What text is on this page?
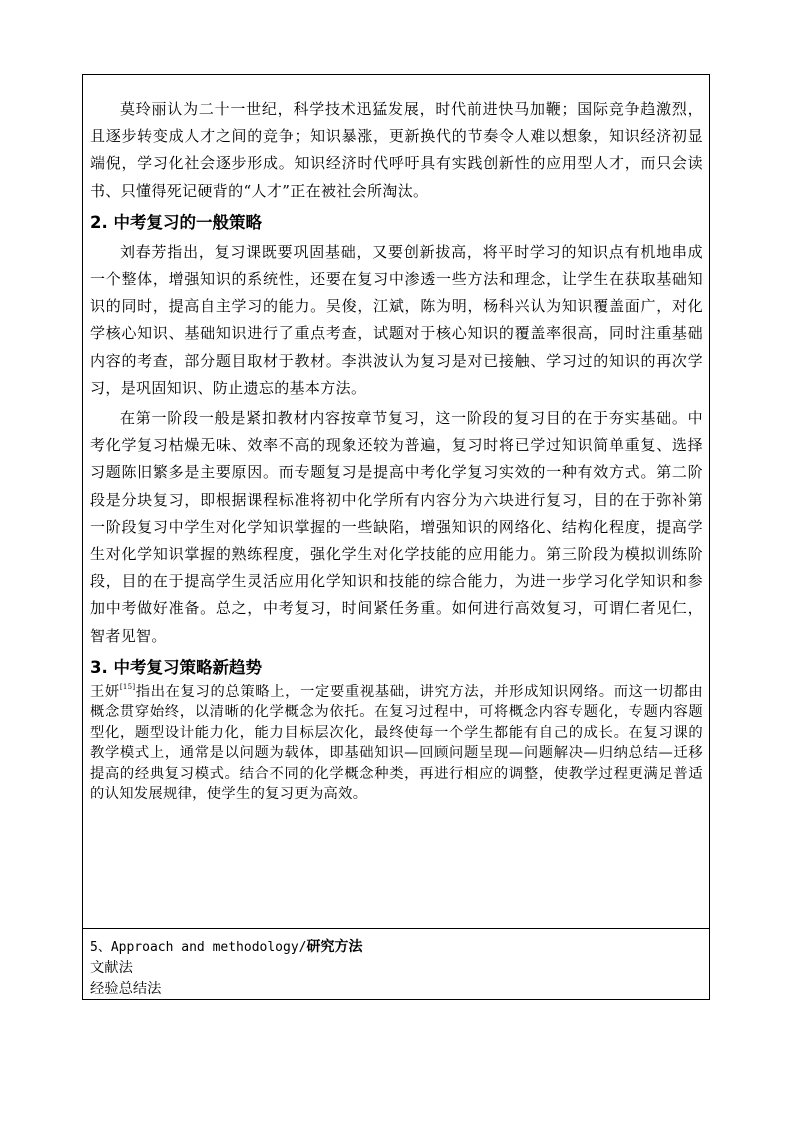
莫玲丽认为二十一世纪，科学技术迅猛发展，时代前进快马加鞭；国际竞争趋激烈，且逐步转变成人才之间的竞争；知识暴涨，更新换代的节奏令人难以想象，知识经济初显端倪，学习化社会逐步形成。知识经济时代呼吁具有实践创新性的应用型人才，而只会读书、只懂得死记硬背的“人才”正在被社会所淘汰。

2. 中考复习的一般策略

刘春芳指出，复习课既要巩固基础，又要创新拔高，将平时学习的知识点有机地串成一个整体，增强知识的系统性，还要在复习中渗透一些方法和理念，让学生在获取基础知识的同时，提高自主学习的能力。吴俊，江斌，陈为明，杨科兴认为知识覆盖面广，对化学核心知识、基础知识进行了重点考查，试题对于核心知识的覆盖率很高，同时注重基础内容的考查，部分题目取材于教材。李洪波认为复习是对已接触、学习过的知识的再次学习，是巩固知识、防止遗忘的基本方法。

在第一阶段一般是紧扣教材内容按章节复习，这一阶段的复习目的在于夯实基础。中考化学复习枯燥无味、效率不高的现象还较为普遍，复习时将已学过知识简单重复、选择习题陈旧繁多是主要原因。而专题复习是提高中考化学复习实效的一种有效方式。第二阶段是分块复习，即根据课程标准将初中化学所有内容分为六块进行复习，目的在于弥补第一阶段复习中学生对化学知识掌握的一些缺陷，增强知识的网络化、结构化程度，提高学生对化学知识掌握的熟练程度，强化学生对化学技能的应用能力。第三阶段为模拟训练阶段，目的在于提高学生灵活应用化学知识和技能的综合能力，为进一步学习化学知识和参加中考做好准备。总之，中考复习，时间紧任务重。如何进行高效复习，可谓仁者见仁，智者见智。

3. 中考复习策略新趋势

王妍[15]指出在复习的总策略上，一定要重视基础，讲究方法，并形成知识网络。而这一切都由概念贯穿始终，以清晰的化学概念为依托。在复习过程中，可将概念内容专题化，专题内容题型化，题型设计能力化，能力目标层次化，最终使每一个学生都能有自己的成长。在复习课的教学模式上，通常是以问题为载体，即基础知识—回顾问题呈现—问题解决—归纳总结—迁移提高的经典复习模式。结合不同的化学概念种类，再进行相应的调整，使教学过程更满足普适的认知发展规律，使学生的复习更为高效。

5、Approach and methodology/研究方法

文献法

经验总结法
